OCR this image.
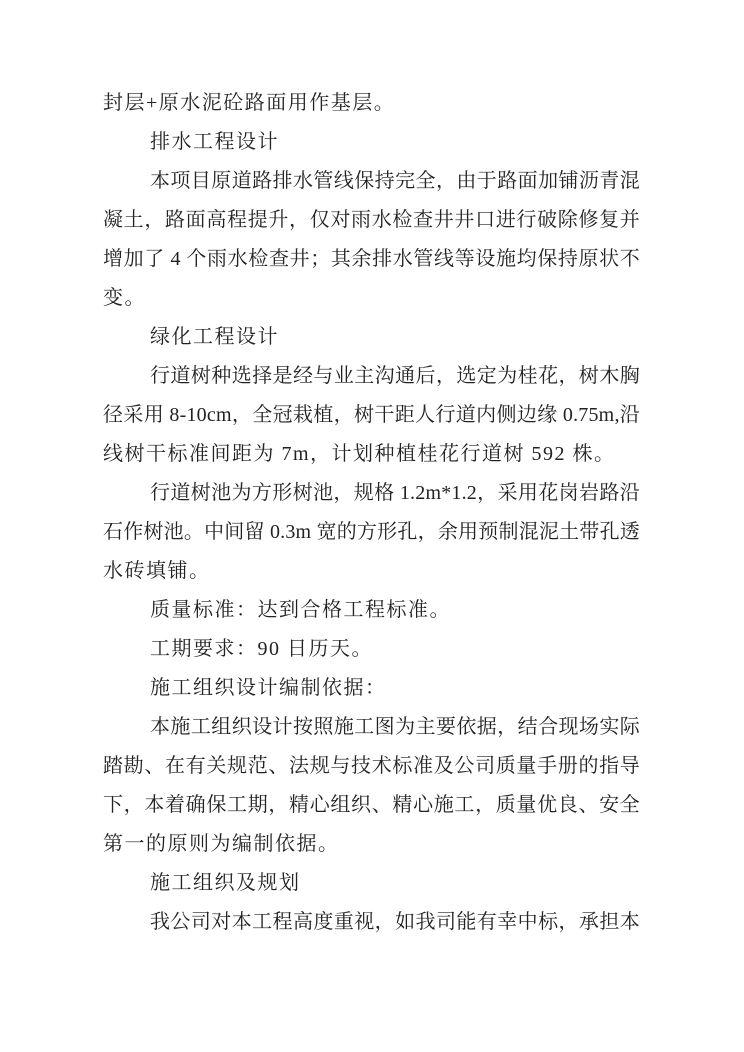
封层+原水泥砼路面用作基层。
排水工程设计
本项目原道路排水管线保持完全，由于路面加铺沥青混
凝土，路面高程提升，仅对雨水检查井井口进行破除修复并
增加了 4 个雨水检查井；其余排水管线等设施均保持原状不
变。
绿化工程设计
行道树种选择是经与业主沟通后，选定为桂花，树木胸
径采用 8-10cm，全冠栽植，树干距人行道内侧边缘 0.75m,沿
线树干标准间距为 7m，计划种植桂花行道树 592 株。
行道树池为方形树池，规格 1.2m*1.2，采用花岗岩路沿
石作树池。中间留 0.3m 宽的方形孔，余用预制混泥土带孔透
水砖填铺。
质量标准：达到合格工程标准。
工期要求：90 日历天。
施工组织设计编制依据：
本施工组织设计按照施工图为主要依据，结合现场实际
踏勘、在有关规范、法规与技术标准及公司质量手册的指导
下，本着确保工期，精心组织、精心施工，质量优良、安全
第一的原则为编制依据。
施工组织及规划
我公司对本工程高度重视，如我司能有幸中标，承担本
